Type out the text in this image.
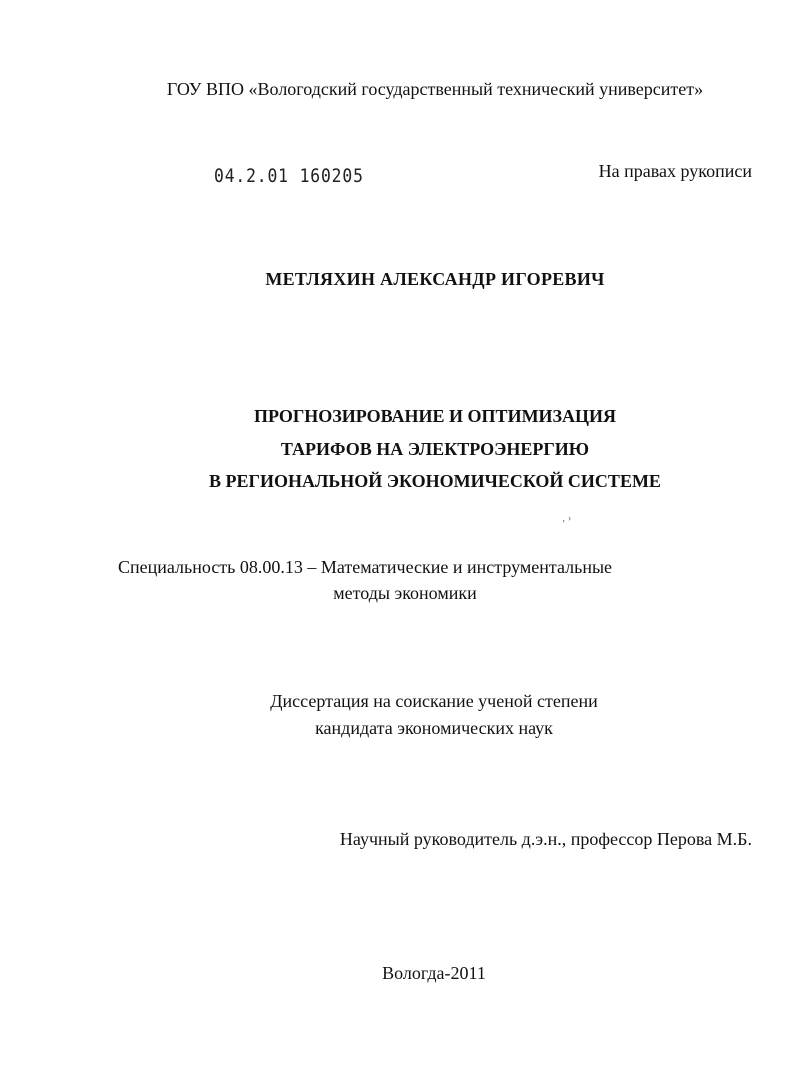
ГОУ ВПО «Вологодский государственный технический университет»
04.2.01 160205	На правах рукописи
МЕТЛЯХИН АЛЕКСАНДР ИГОРЕВИЧ
ПРОГНОЗИРОВАНИЕ И ОПТИМИЗАЦИЯ
ТАРИФОВ НА ЭЛЕКТРОЭНЕРГИЮ
В РЕГИОНАЛЬНОЙ ЭКОНОМИЧЕСКОЙ СИСТЕМЕ
‚ ›
Специальность 08.00.13 – Математические и инструментальные
методы экономики
Диссертация на соискание ученой степени
кандидата экономических наук
Научный руководитель д.э.н., профессор Перова М.Б.
Вологда-2011
